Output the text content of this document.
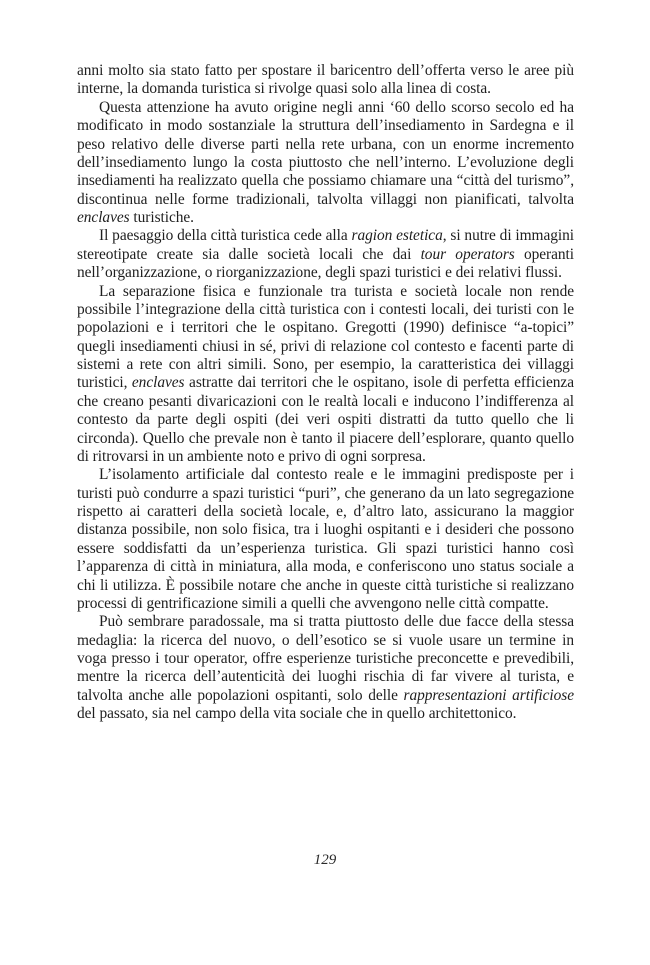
anni molto sia stato fatto per spostare il baricentro dell’offerta verso le aree più interne, la domanda turistica si rivolge quasi solo alla linea di costa.

Questa attenzione ha avuto origine negli anni ‘60 dello scorso secolo ed ha modificato in modo sostanziale la struttura dell’insediamento in Sardegna e il peso relativo delle diverse parti nella rete urbana, con un enorme incremento dell’insediamento lungo la costa piuttosto che nell’interno. L’evoluzione degli insediamenti ha realizzato quella che possiamo chiamare una “città del turismo”, discontinua nelle forme tradizionali, talvolta villaggi non pianificati, talvolta enclaves turistiche.

Il paesaggio della città turistica cede alla ragion estetica, si nutre di immagini stereotipate create sia dalle società locali che dai tour operators operanti nell’organizzazione, o riorganizzazione, degli spazi turistici e dei relativi flussi.

La separazione fisica e funzionale tra turista e società locale non rende possibile l’integrazione della città turistica con i contesti locali, dei turisti con le popolazioni e i territori che le ospitano. Gregotti (1990) definisce “a-topici” quegli insediamenti chiusi in sé, privi di relazione col contesto e facenti parte di sistemi a rete con altri simili. Sono, per esempio, la caratteristica dei villaggi turistici, enclaves astratte dai territori che le ospitano, isole di perfetta efficienza che creano pesanti divaricazioni con le realtà locali e inducono l’indifferenza al contesto da parte degli ospiti (dei veri ospiti distratti da tutto quello che li circonda). Quello che prevale non è tanto il piacere dell’esplorare, quanto quello di ritrovarsi in un ambiente noto e privo di ogni sorpresa.

L’isolamento artificiale dal contesto reale e le immagini predisposte per i turisti può condurre a spazi turistici “puri”, che generano da un lato segregazione rispetto ai caratteri della società locale, e, d’altro lato, assicurano la maggior distanza possibile, non solo fisica, tra i luoghi ospitanti e i desideri che possono essere soddisfatti da un’esperienza turistica. Gli spazi turistici hanno così l’apparenza di città in miniatura, alla moda, e conferiscono uno status sociale a chi li utilizza. È possibile notare che anche in queste città turistiche si realizzano processi di gentrificazione simili a quelli che avvengono nelle città compatte.

Può sembrare paradossale, ma si tratta piuttosto delle due facce della stessa medaglia: la ricerca del nuovo, o dell’esotico se si vuole usare un termine in voga presso i tour operator, offre esperienze turistiche preconcette e prevedibili, mentre la ricerca dell’autenticità dei luoghi rischia di far vivere al turista, e talvolta anche alle popolazioni ospitanti, solo delle rappresentazioni artificiose del passato, sia nel campo della vita sociale che in quello architettonico.

129
